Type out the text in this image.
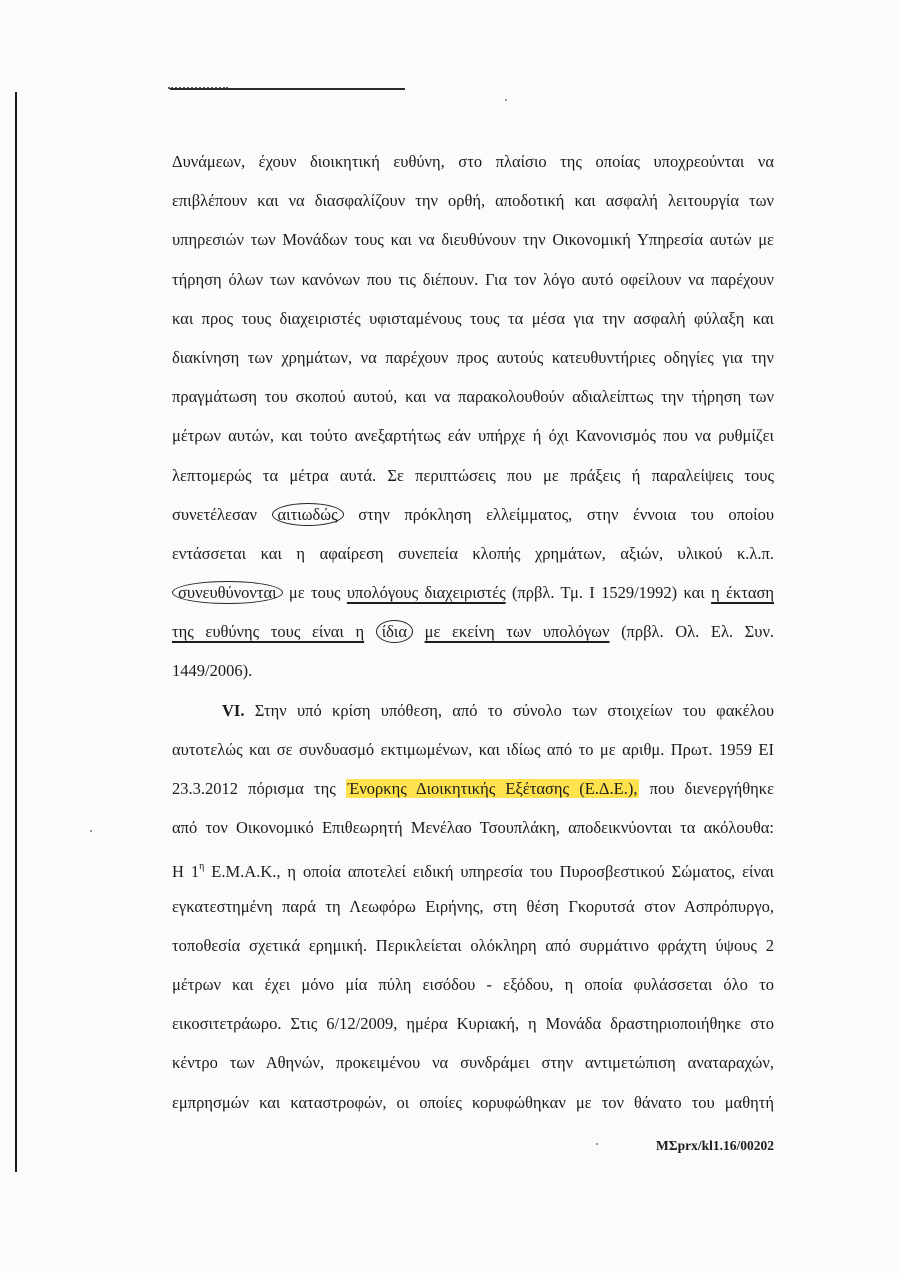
Δυνάμεων, έχουν διοικητική ευθύνη, στο πλαίσιο της οποίας υποχρεούνται να
επιβλέπουν και να διασφαλίζουν την ορθή, αποδοτική και ασφαλή λειτουργία των
υπηρεσιών των Μονάδων τους και να διευθύνουν την Οικονομική Υπηρεσία αυτών με
τήρηση όλων των κανόνων που τις διέπουν. Για τον λόγο αυτό οφείλουν να παρέχουν
και προς τους διαχειριστές υφισταμένους τους τα μέσα για την ασφαλή φύλαξη και
διακίνηση των χρημάτων, να παρέχουν προς αυτούς κατευθυντήριες οδηγίες για την
πραγμάτωση του σκοπού αυτού, και να παρακολουθούν αδιαλείπτως την τήρηση των
μέτρων αυτών, και τούτο ανεξαρτήτως εάν υπήρχε ή όχι Κανονισμός που να ρυθμίζει
λεπτομερώς τα μέτρα αυτά. Σε περιπτώσεις που με πράξεις ή παραλείψεις τους
συνετέλεσαν αιτιωδώς στην πρόκληση ελλείμματος, στην έννοια του οποίου
εντάσσεται και η αφαίρεση συνεπεία κλοπής χρημάτων, αξιών, υλικού κ.λ.π.
συνευθύνονται με τους υπολόγους διαχειριστές (πρβλ. Τμ. Ι 1529/1992) και η έκταση
της ευθύνης τους είναι η ίδια με εκείνη των υπολόγων (πρβλ. Ολ. Ελ. Συν.
1449/2006).
VI. Στην υπό κρίση υπόθεση, από το σύνολο των στοιχείων του φακέλου
αυτοτελώς και σε συνδυασμό εκτιμωμένων, και ιδίως από το με αριθμ. Πρωτ. 1959 ΕΙ
23.3.2012 πόρισμα της Ένορκης Διοικητικής Εξέτασης (Ε.Δ.Ε.), που διενεργήθηκε
από τον Οικονομικό Επιθεωρητή Μενέλαο Τσουπλάκη, αποδεικνύονται τα ακόλουθα:
Η $1^\eta$ Ε.Μ.Α.Κ., η οποία αποτελεί ειδική υπηρεσία του Πυροσβεστικού Σώματος, είναι
εγκατεστημένη παρά τη Λεωφόρω Ειρήνης, στη θέση Γκορυτσά στον Ασπρόπυργο,
τοποθεσία σχετικά ερημική. Περικλείεται ολόκληρη από συρμάτινο φράχτη ύψους 2
μέτρων και έχει μόνο μία πύλη εισόδου - εξόδου, η οποία φυλάσσεται όλο το
εικοσιτετράωρο. Στις 6/12/2009, ημέρα Κυριακή, η Μονάδα δραστηριοποιήθηκε στο
κέντρο των Αθηνών, προκειμένου να συνδράμει στην αντιμετώπιση αναταραχών,
εμπρησμών και καταστροφών, οι οποίες κορυφώθηκαν με τον θάνατο του μαθητή
ΜΣprx/kl1.16/00202
